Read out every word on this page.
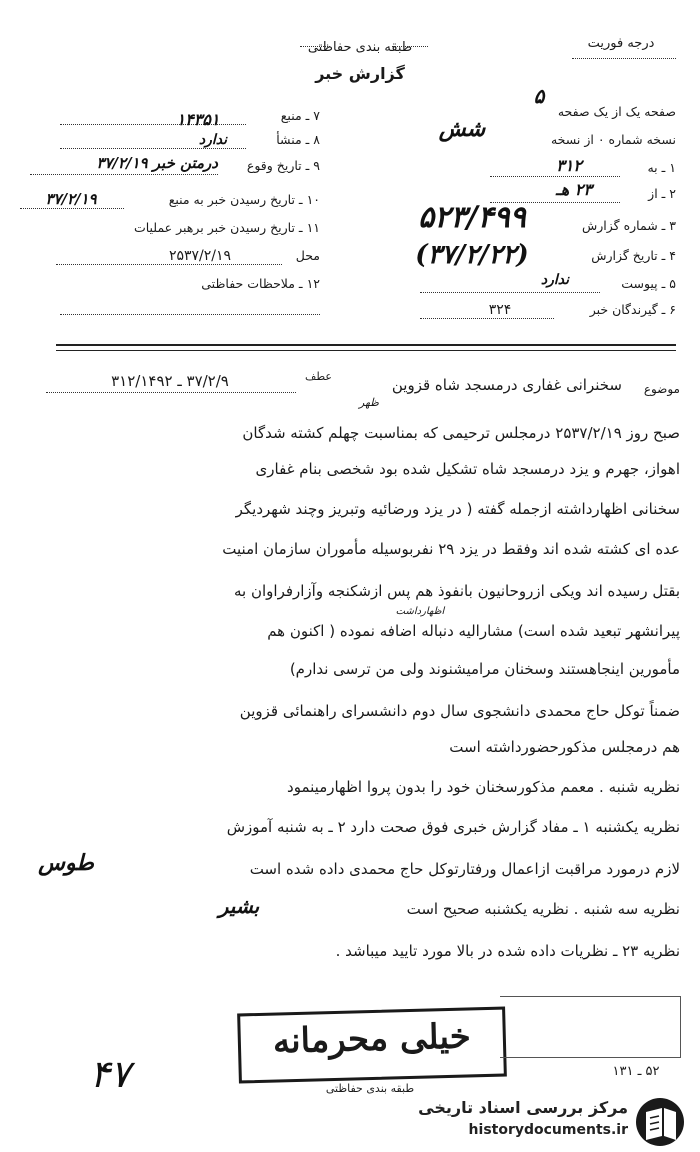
درجه فوریت
طبقه بندی حفاظتی
گزارش خبر
۷ ـ منبع
۱۴۳۵۱
۸ ـ منشأ
ندارد
۹ ـ تاریخ وقوع
درمتن خبر ۳۷/۲/۱۹
۱۰ ـ تاریخ رسیدن خبر به منبع
۳۷/۲/۱۹
۱۱ ـ تاریخ رسیدن خبر برهبر عملیات
محل
۲۵۳۷/۲/۱۹
۱۲ ـ ملاحظات حفاظتی
صفحه یک از یک صفحه
۵
نسخه شماره ۰ از نسخه
شش
۱ ـ به
۳۱۲
۲ ـ از
۲۳ هـ
۳ ـ شماره گزارش
۵۲۳/۴۹۹
۴ ـ تاریخ گزارش
(۳۷/۲/۲۲)
۵ ـ پیوست
ندارد
۶ ـ گیرندگان خبر
۳۲۴
موضوع
سخنرانی غفاری درمسجد شاه قزوین
ظهر
عطف
۳۷/۲/۹ ـ ۳۱۲/۱۴۹۲
صبح روز ۲۵۳۷/۲/۱۹ درمجلس ترحیمی که بمناسبت چهلم کشته شدگان
اهواز، جهرم و یزد درمسجد شاه تشکیل شده بود شخصی بنام غفاری
سخنانی اظهارداشته ازجمله گفته ( در یزد ورضائیه وتبریز وچند شهردیگر
عده ای کشته شده اند وفقط در یزد ۲۹ نفربوسیله مأموران سازمان امنیت
بقتل رسیده اند ویکی ازروحانیون بانفوذ هم پس ازشکنجه وآزارفراوان به
اظهارداشت
پیرانشهر تبعید شده است) مشارالیه دنباله اضافه نموده ( اکنون هم
مأمورین اینجاهستند وسخنان مرامیشنوند ولی من ترسی ندارم)
ضمناً توکل حاج محمدی دانشجوی سال دوم دانشسرای راهنمائی قزوین
هم درمجلس مذکورحضورداشته است
نظریه شنبه . معمم مذکورسخنان خود را بدون پروا اظهارمینمود
نظریه یکشنبه ۱ ـ مفاد گزارش خبری فوق صحت دارد ۲ ـ به شنبه آموزش
لازم درمورد مراقبت ازاعمال ورفتارتوکل حاج محمدی داده شده است
طوس
نظریه سه شنبه . نظریه یکشنبه صحیح است
بشیر
نظریه ۲۳ ـ نظریات داده شده در بالا مورد تایید میباشد .
خیلی محرمانه
طبقه بندی حفاظتی
۴۷	۵۲ ـ ۱۳۱
مرکز بررسی اسناد تاریخی
historydocuments.ir
